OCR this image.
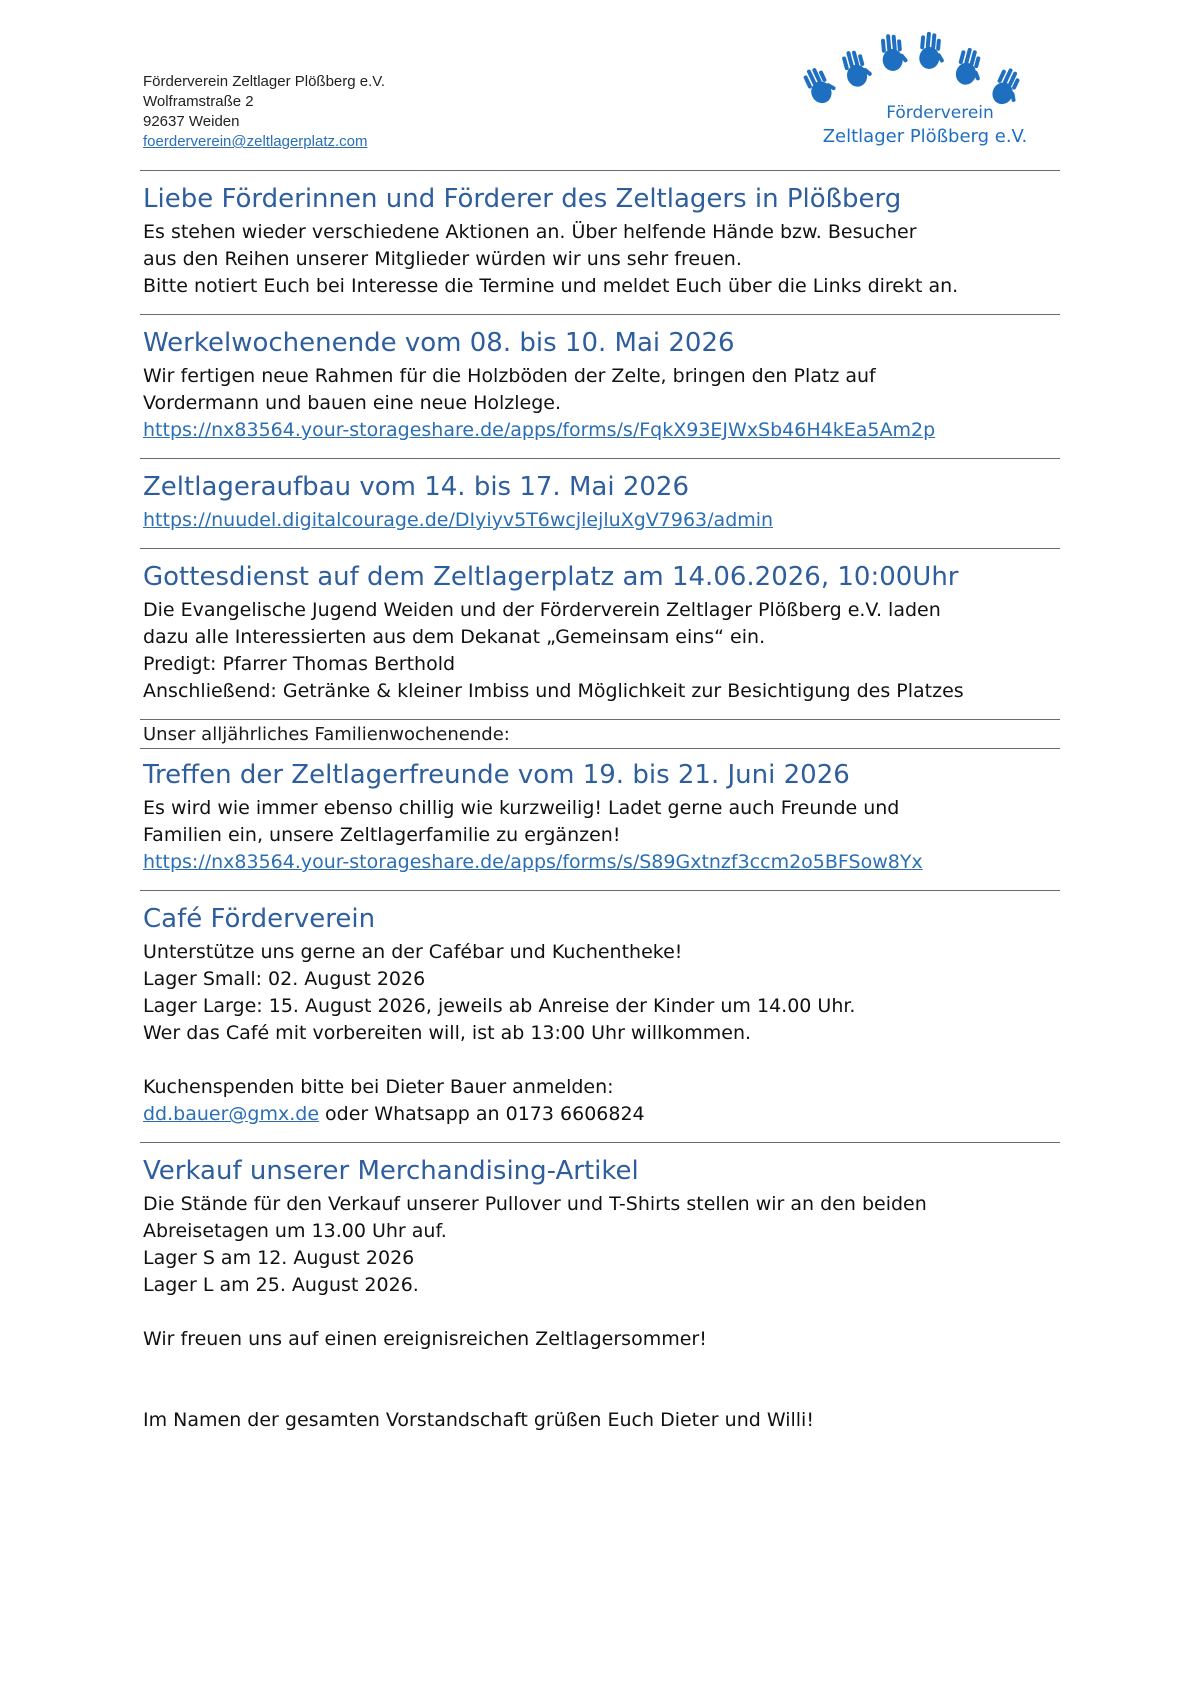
Förderverein Zeltlager Plößberg e.V.
Wolframstraße 2
92637 Weiden
foerderverein@zeltlagerplatz.com
Förderverein
Zeltlager Plößberg e.V.
Liebe Förderinnen und Förderer des Zeltlagers in Plößberg

Es stehen wieder verschiedene Aktionen an. Über helfende Hände bzw. Besucher

aus den Reihen unserer Mitglieder würden wir uns sehr freuen.

Bitte notiert Euch bei Interesse die Termine und meldet Euch über die Links direkt an.

Werkelwochenende vom 08. bis 10. Mai 2026

Wir fertigen neue Rahmen für die Holzböden der Zelte, bringen den Platz auf

Vordermann und bauen eine neue Holzlege.

https://nx83564.your-storageshare.de/apps/forms/s/FqkX93EJWxSb46H4kEa5Am2p

Zeltlageraufbau vom 14. bis 17. Mai 2026

https://nuudel.digitalcourage.de/DIyiyv5T6wcjlejluXgV7963/admin

Gottesdienst auf dem Zeltlagerplatz am 14.06.2026, 10:00Uhr

Die Evangelische Jugend Weiden und der Förderverein Zeltlager Plößberg e.V. laden

dazu alle Interessierten aus dem Dekanat „Gemeinsam eins“ ein.

Predigt: Pfarrer Thomas Berthold

Anschließend: Getränke & kleiner Imbiss und Möglichkeit zur Besichtigung des Platzes

Unser alljährliches Familienwochenende:
Treffen der Zeltlagerfreunde vom 19. bis 21. Juni 2026

Es wird wie immer ebenso chillig wie kurzweilig! Ladet gerne auch Freunde und

Familien ein, unsere Zeltlagerfamilie zu ergänzen!

https://nx83564.your-storageshare.de/apps/forms/s/S89Gxtnzf3ccm2o5BFSow8Yx

Café Förderverein

Unterstütze uns gerne an der Cafébar und Kuchentheke!

Lager Small: 02. August 2026

Lager Large: 15. August 2026, jeweils ab Anreise der Kinder um 14.00 Uhr.

Wer das Café mit vorbereiten will, ist ab 13:00 Uhr willkommen.

Kuchenspenden bitte bei Dieter Bauer anmelden:

dd.bauer@gmx.de oder Whatsapp an 0173 6606824

Verkauf unserer Merchandising-Artikel

Die Stände für den Verkauf unserer Pullover und T-Shirts stellen wir an den beiden

Abreisetagen um 13.00 Uhr auf.

Lager S am 12. August 2026

Lager L am 25. August 2026.

Wir freuen uns auf einen ereignisreichen Zeltlagersommer!

Im Namen der gesamten Vorstandschaft grüßen Euch Dieter und Willi!
